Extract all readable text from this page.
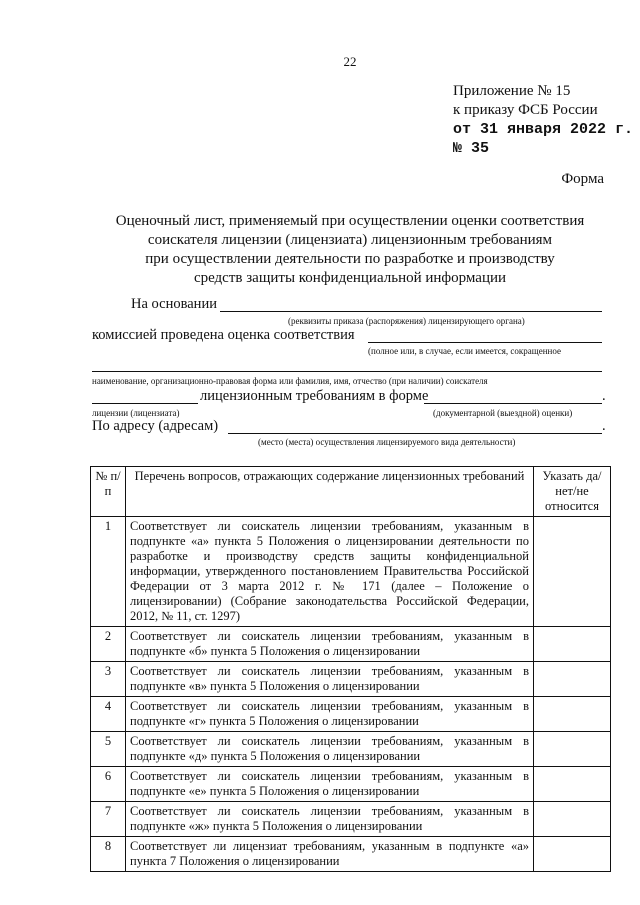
22
Приложение № 15
к приказу ФСБ России
от 31 января 2022 г.
№ 35
Форма
Оценочный лист, применяемый при осуществлении оценки соответствия
соискателя лицензии (лицензиата) лицензионным требованиям
при осуществлении деятельности по разработке и производству
средств защиты конфиденциальной информации
На основании
(реквизиты приказа (распоряжения) лицензирующего органа)
комиссией проведена оценка соответствия
(полное или, в случае, если имеется, сокращенное
наименование, организационно-правовая форма или фамилия, имя, отчество (при наличии) соискателя
лицензионным требованиям в форме	.
лицензии (лицензиата)	(документарной (выездной) оценки)
По адресу (адресам)	.
(место (места) осуществления лицензируемого вида деятельности)
№ п/п	Перечень вопросов, отражающих содержание лицензионных требований	Указать да/нет/не относится
1	Соответствует ли соискатель лицензии требованиям, указанным в подпункте «а» пункта 5 Положения о лицензировании деятельности по разработке и производству средств защиты конфиденциальной информации, утвержденного постановлением Правительства Российской Федерации от 3 марта 2012 г. № 171 (далее – Положение о лицензировании) (Собрание законодательства Российской Федерации, 2012, № 11, ст. 1297)	
2	Соответствует ли соискатель лицензии требованиям, указанным в подпункте «б» пункта 5 Положения о лицензировании	
3	Соответствует ли соискатель лицензии требованиям, указанным в подпункте «в» пункта 5 Положения о лицензировании	
4	Соответствует ли соискатель лицензии требованиям, указанным в подпункте «г» пункта 5 Положения о лицензировании	
5	Соответствует ли соискатель лицензии требованиям, указанным в подпункте «д» пункта 5 Положения о лицензировании	
6	Соответствует ли соискатель лицензии требованиям, указанным в подпункте «е» пункта 5 Положения о лицензировании	
7	Соответствует ли соискатель лицензии требованиям, указанным в подпункте «ж» пункта 5 Положения о лицензировании	
8	Соответствует ли лицензиат требованиям, указанным в подпункте «а» пункта 7 Положения о лицензировании	
